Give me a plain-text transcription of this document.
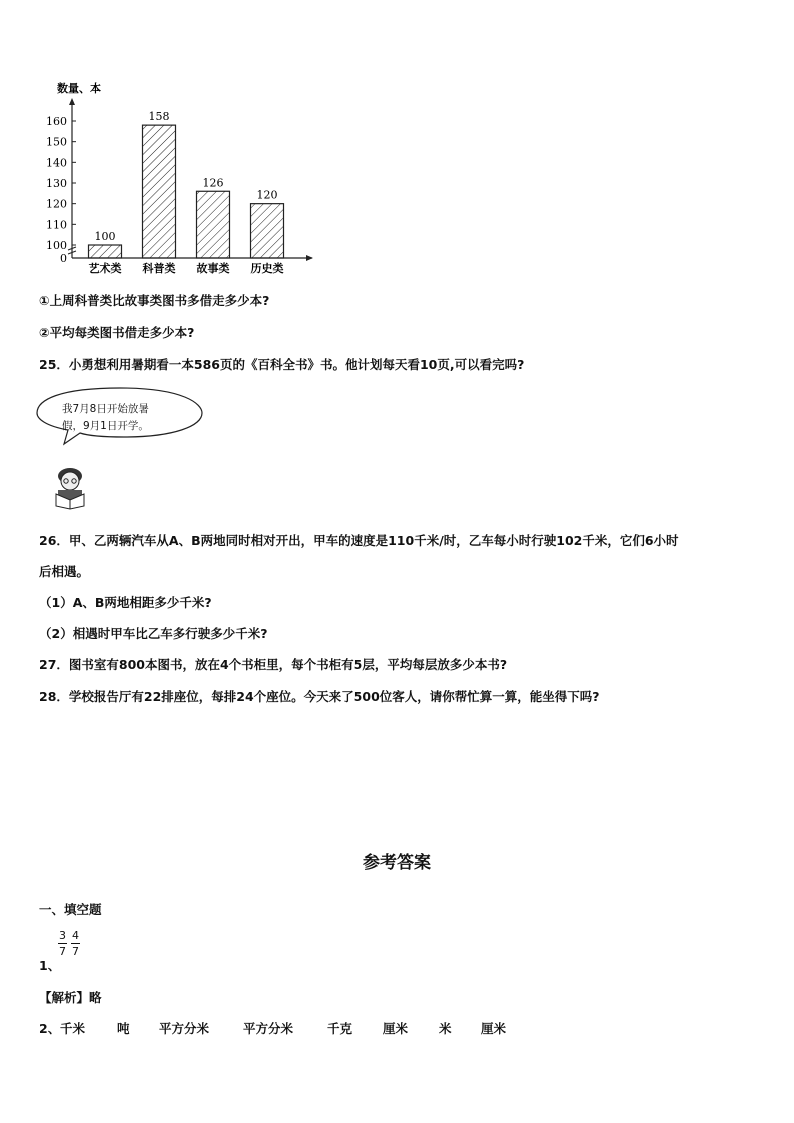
数量、本
100
艺术类
158
科普类
126
故事类
120
历史类
0
100
110
120
130
140
150
160
①上周科普类比故事类图书多借走多少本?
②平均每类图书借走多少本?
25．小勇想利用暑期看一本586页的《百科全书》书。他计划每天看10页,可以看完吗?
我7月8日开始放暑
假，9月1日开学。
26．甲、乙两辆汽车从A、B两地同时相对开出，甲车的速度是110千米/时，乙车每小时行驶102千米，它们6小时
后相遇。
（1）A、B两地相距多少千米?
（2）相遇时甲车比乙车多行驶多少千米?
27．图书室有800本图书，放在4个书柜里，每个书柜有5层，平均每层放多少本书?
28．学校报告厅有22排座位，每排24个座位。今天来了500位客人，请你帮忙算一算，能坐得下吗?
参考答案
一、填空题
3
7
4
7
1、
【解析】略
2、 千米	吨 平方分米	平方分米	千克 厘米 米 厘米
